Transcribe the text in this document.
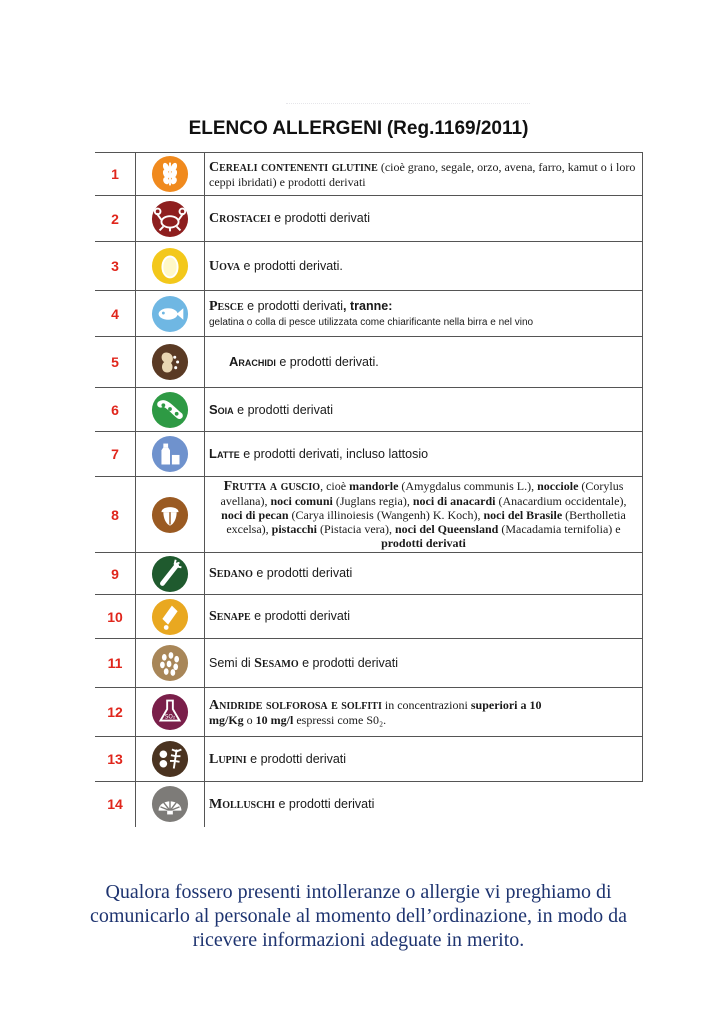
ELENCO ALLERGENI (Reg.1169/2011)
1		Cereali contenenti glutine (cioè grano, segale, orzo, avena, farro, kamut o i loro ceppi ibridati) e prodotti derivati
2		Crostacei e prodotti derivati
3		Uova e prodotti derivati.
4		Pesce e prodotti derivati, tranne:
gelatina o colla di pesce utilizzata come chiarificante nella birra e nel vino
5		Arachidi e prodotti derivati.
6		Soia e prodotti derivati
7		Latte e prodotti derivati, incluso lattosio
8		Frutta a guscio, cioè mandorle (Amygdalus communis L.), nocciole (Corylus avellana), noci comuni (Juglans regia), noci di anacardi (Anacardium occidentale), noci di pecan (Carya illinoiesis (Wangenh) K. Koch), noci del Brasile (Bertholletia excelsa), pistacchi (Pistacia vera), noci del Queensland (Macadamia ternifolia) e prodotti derivati
9		Sedano e prodotti derivati
10		Senape e prodotti derivati
11		Semi di Sesamo e prodotti derivati
12	SO₂	Anidride solforosa e solfiti in concentrazioni superiori a 10
mg/Kg o 10 mg/l espressi come S0₂.
13		Lupini e prodotti derivati
14		Molluschi e prodotti derivati
Qualora fossero presenti intolleranze o allergie vi preghiamo di
comunicarlo al personale al momento dell’ordinazione, in modo da
ricevere informazioni adeguate in merito.
